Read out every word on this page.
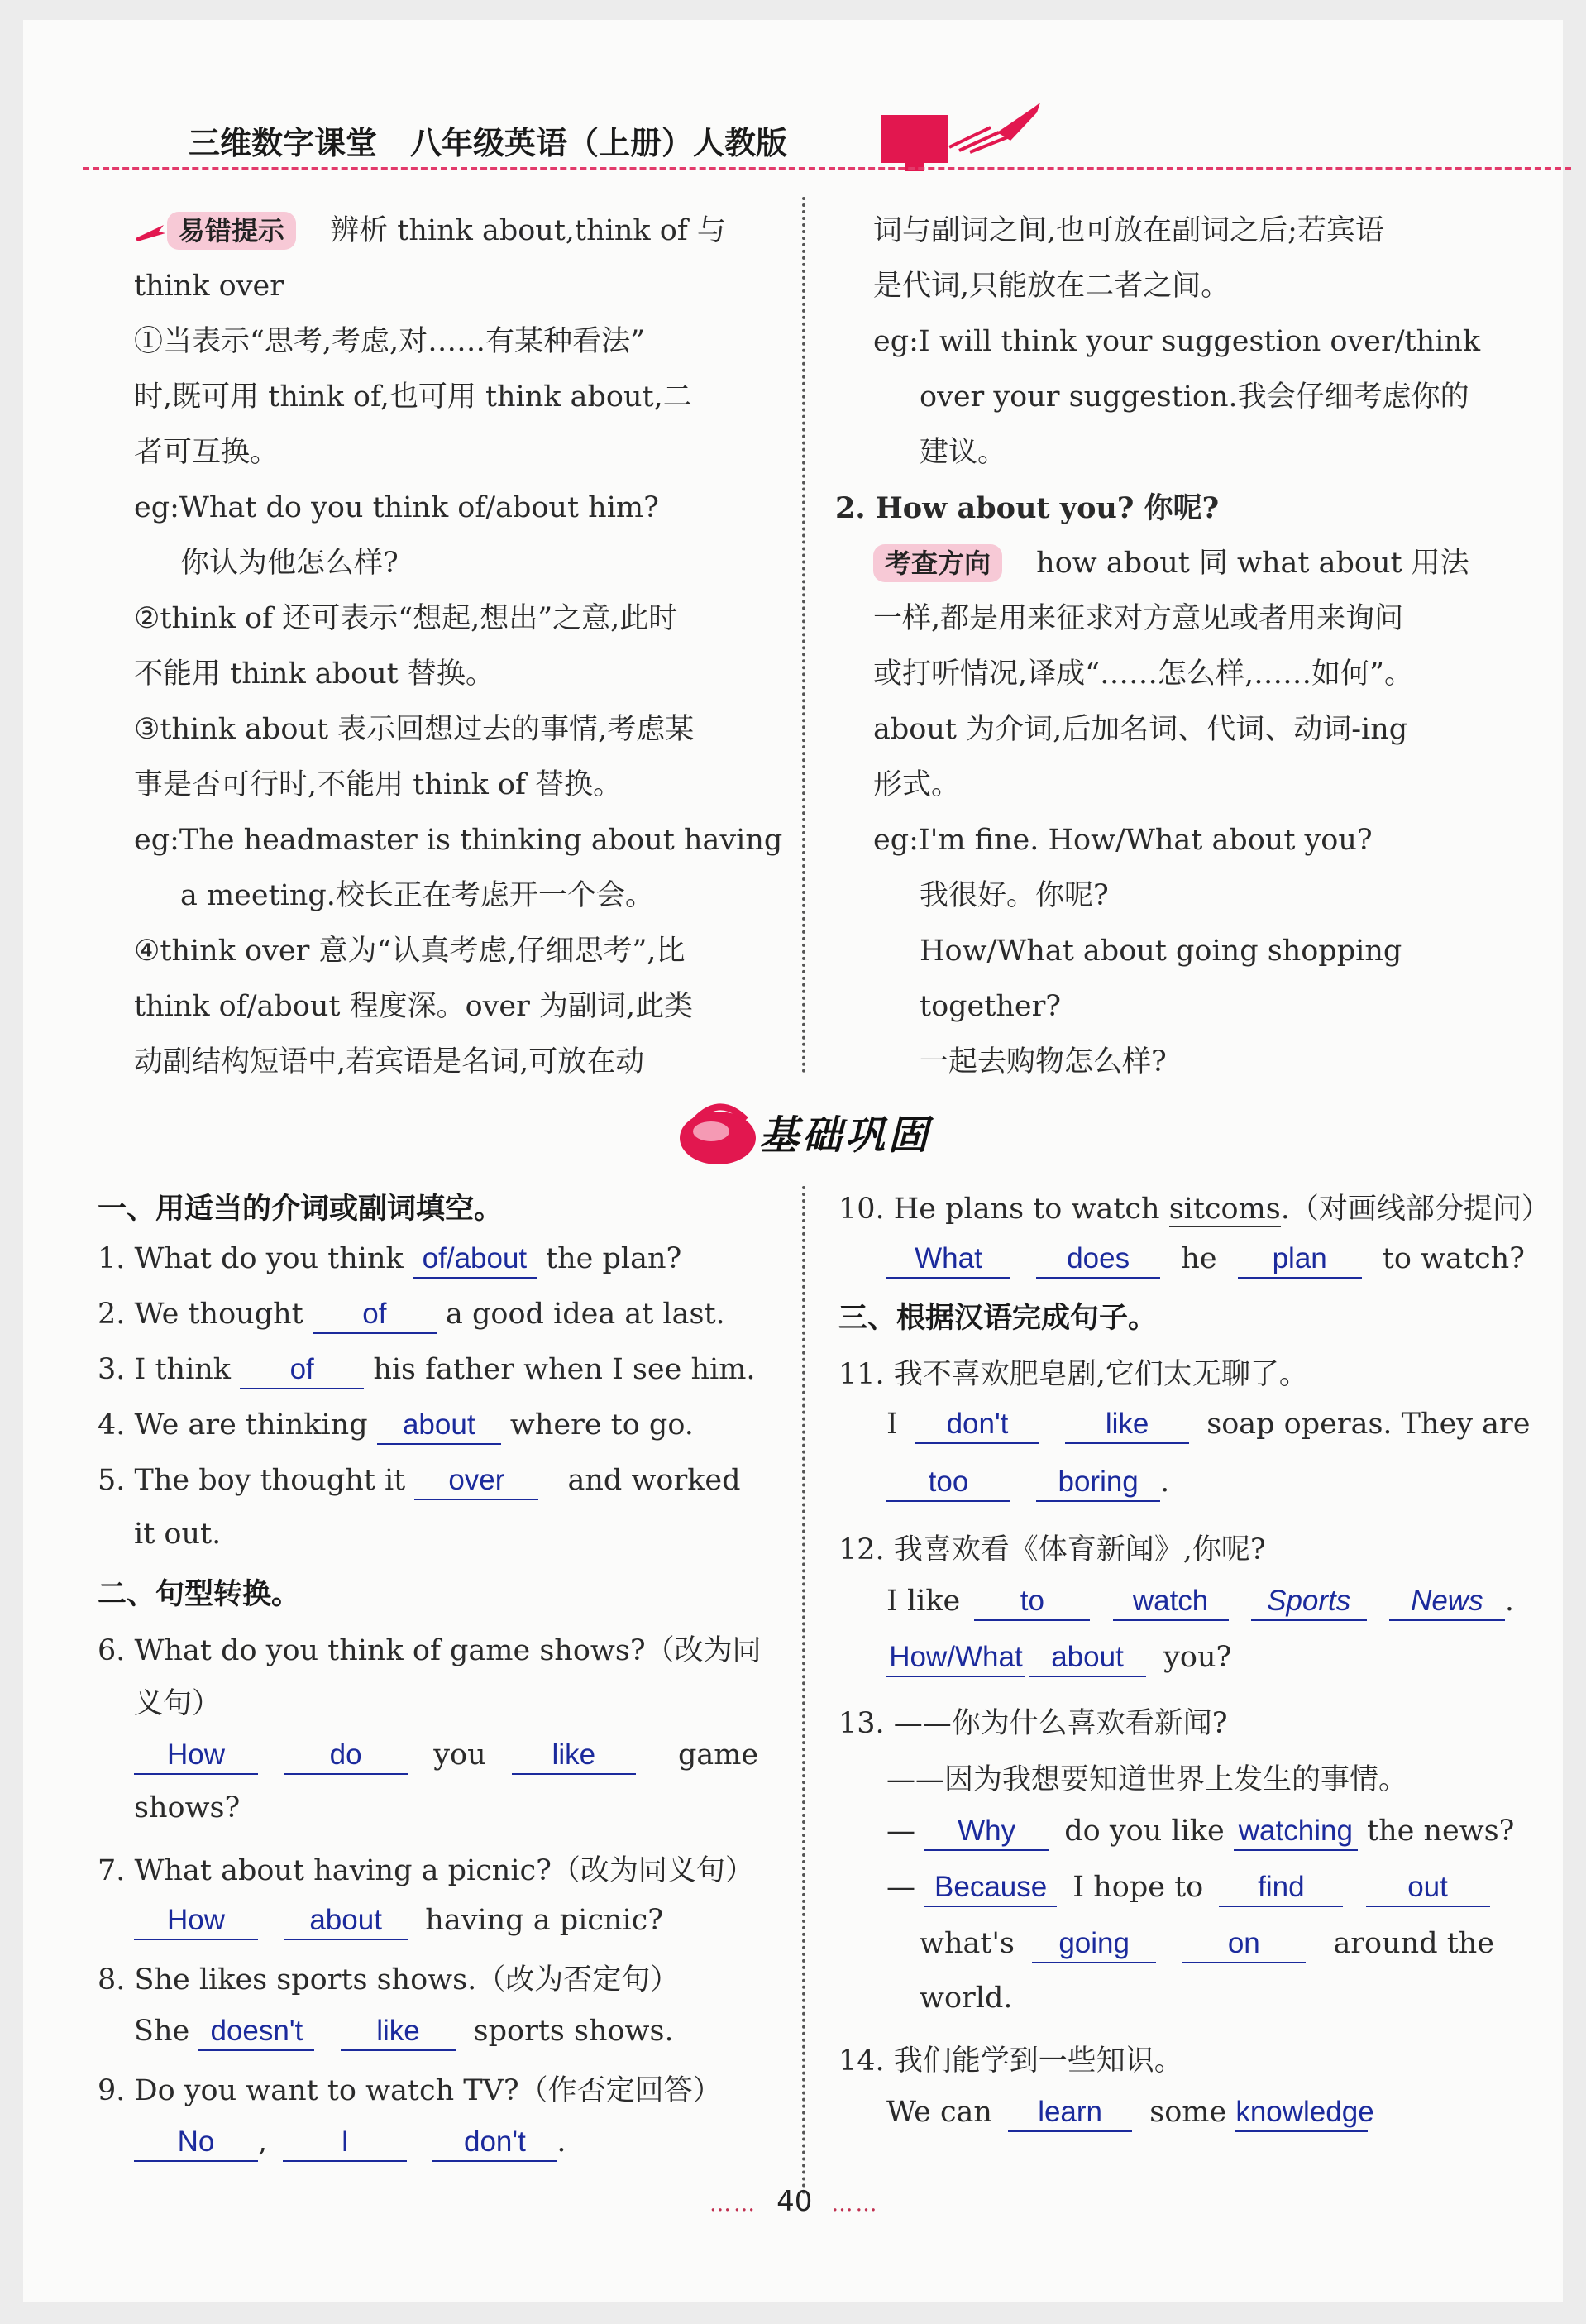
三维数字课堂 八年级英语（上册）人教版
易错提示 辨析 think about,think of 与
think over
①当表示“思考,考虑,对……有某种看法”
时,既可用 think of,也可用 think about,二
者可互换。
eg:What do you think of/about him?
你认为他怎么样?
②think of 还可表示“想起,想出”之意,此时
不能用 think about 替换。
③think about 表示回想过去的事情,考虑某
事是否可行时,不能用 think of 替换。
eg:The headmaster is thinking about having
a meeting.校长正在考虑开一个会。
④think over 意为“认真考虑,仔细思考”,比
think of/about 程度深。over 为副词,此类
动副结构短语中,若宾语是名词,可放在动
词与副词之间,也可放在副词之后;若宾语
是代词,只能放在二者之间。
eg:I will think your suggestion over/think
over your suggestion.我会仔细考虑你的
建议。
2. How about you? 你呢?
考查方向 how about 同 what about 用法
一样,都是用来征求对方意见或者用来询问
或打听情况,译成“……怎么样,……如何”。
about 为介词,后加名词、代词、动词-ing
形式。
eg:I'm fine. How/What about you?
我很好。你呢?
How/What about going shopping together?
一起去购物怎么样?
基础巩固
一、用适当的介词或副词填空。
1. What do you think of/about the plan?
2. We thought of a good idea at last.
3. I think of his father when I see him.
4. We are thinking about where to go.
5. The boy thought it over and worked
it out.
二、句型转换。
6. What do you think of game shows?（改为同
义句）
How	do you like	game
shows?
7. What about having a picnic?（改为同义句）
How	about having a picnic?
8. She likes sports shows.（改为否定句）
She doesn't	like sports shows.
9. Do you want to watch TV?（作否定回答）
No , I	don't .
10. He plans to watch sitcoms.（对画线部分提问）
What	does he plan to watch?
三、根据汉语完成句子。
11. 我不喜欢肥皂剧,它们太无聊了。
I don't	like soap operas. They are
too	boring .
12. 我喜欢看《体育新闻》,你呢?
I like to	watch Sports News .
How/What about you?
13. ——你为什么喜欢看新闻?
——因为我想要知道世界上发生的事情。
— Why do you like watching the news?
— Because I hope to find	out
what's going	on	around the
world.
14. 我们能学到一些知识。
We can learn some knowledge
…… 40 ……
